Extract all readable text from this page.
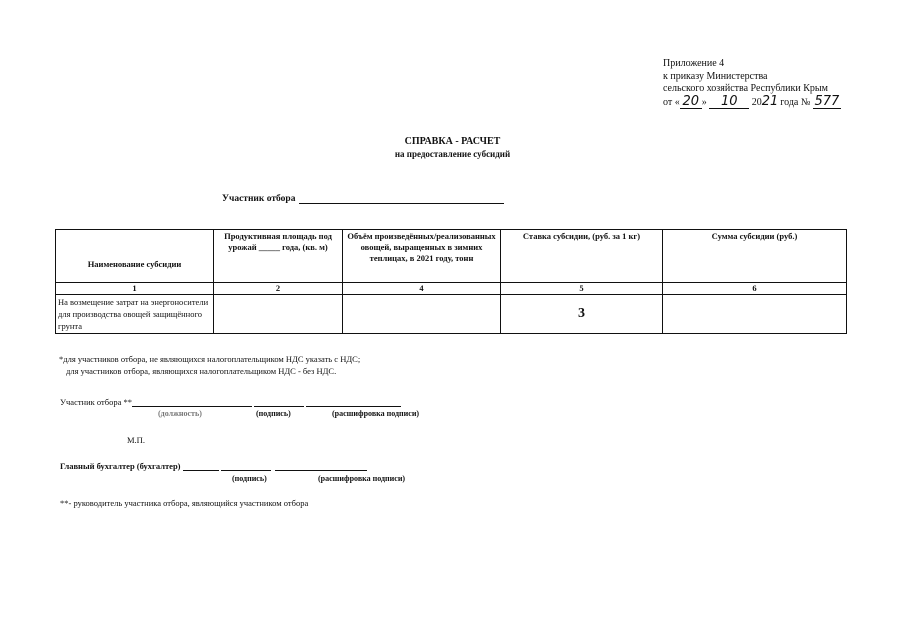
Приложение 4
к приказу Министерства
сельского хозяйства Республики Крым
от « 20 » 10 2021 года № 577
СПРАВКА - РАСЧЕТ
на предоставление субсидий
Участник отбора
Наименование субсидии	Продуктивная площадь под урожай _____ года, (кв. м)	Объём произведённых/реализованных овощей, выращенных в зимних теплицах, в 2021 году, тонн	Ставка субсидии, (руб. за 1 кг)	Сумма субсидии (руб.)
1	2	4	5	6
На возмещение затрат на энергоносители для производства овощей защищённого грунта			3	
*для участников отбора, не являющихся налогоплательщиком НДС указать с НДС;
для участников отбора, являющихся налогоплательщиком НДС - без НДС.
Участник отбора **
(должность)	(подпись)	(расшифровка подписи)
М.П.
Главный бухгалтер (бухгалтер)
(подпись)	(расшифровка подписи)
**- руководитель участника отбора, являющийся участником отбора
